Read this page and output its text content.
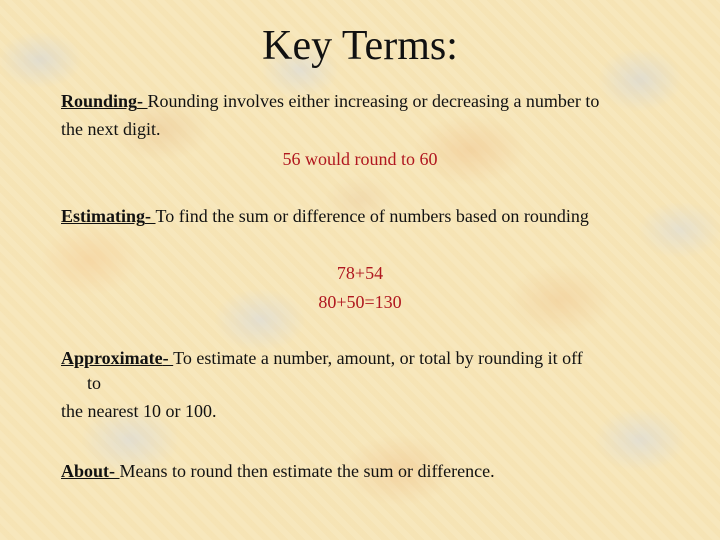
Key Terms:
Rounding- Rounding involves either increasing or decreasing a number to
the next digit.
56 would round to 60
Estimating- To find the sum or difference of numbers based on rounding
78+54
80+50=130
Approximate- To estimate a number, amount, or total by rounding it off

to
the nearest 10 or 100.
About- Means to round then estimate the sum or difference.
